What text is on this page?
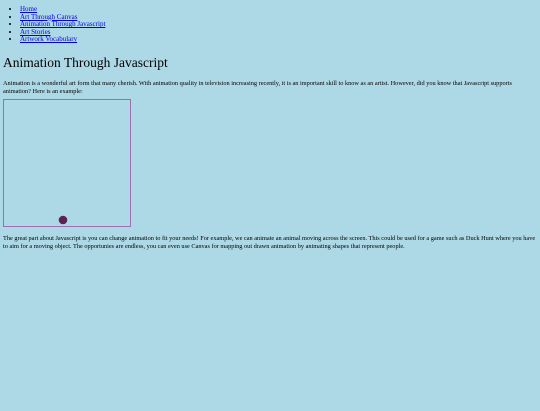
• Home
• Art Through Canvas
• Animation Through Javascript
• Art Stories
• Artwork Vocabulary
Animation Through Javascript

Animation is a wonderful art form that many cherish. With animation quality in television increasing recently, it is an important skill to know as an artist. However, did you know that Javascript supports animation? Here is an example:

The great part about Javascript is you can change animation to fit your needs! For example, we can animate an animal moving across the screen. This could be used for a game such as Duck Hunt where you have to aim for a moving object. The opportunies are endless, you can even use Canvas for mapping out drawn animation by animating shapes that represent people.
